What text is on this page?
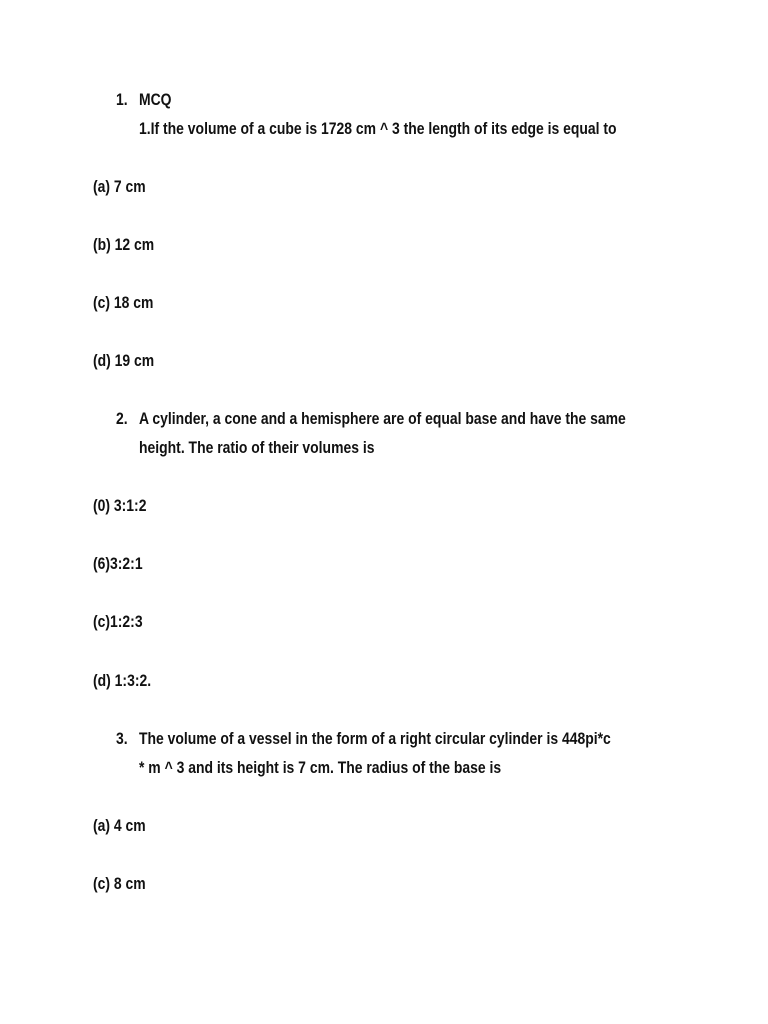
1. MCQ
1.If the volume of a cube is 1728 cm ^ 3 the length of its edge is equal to
(a) 7 cm
(b) 12 cm
(c) 18 cm
(d) 19 cm
2. A cylinder, a cone and a hemisphere are of equal base and have the same
height. The ratio of their volumes is
(0) 3:1:2
(6)3:2:1
(c)1:2:3
(d) 1:3:2.
3. The volume of a vessel in the form of a right circular cylinder is 448pi*c
* m ^ 3 and its height is 7 cm. The radius of the base is
(a) 4 cm
(c) 8 cm
